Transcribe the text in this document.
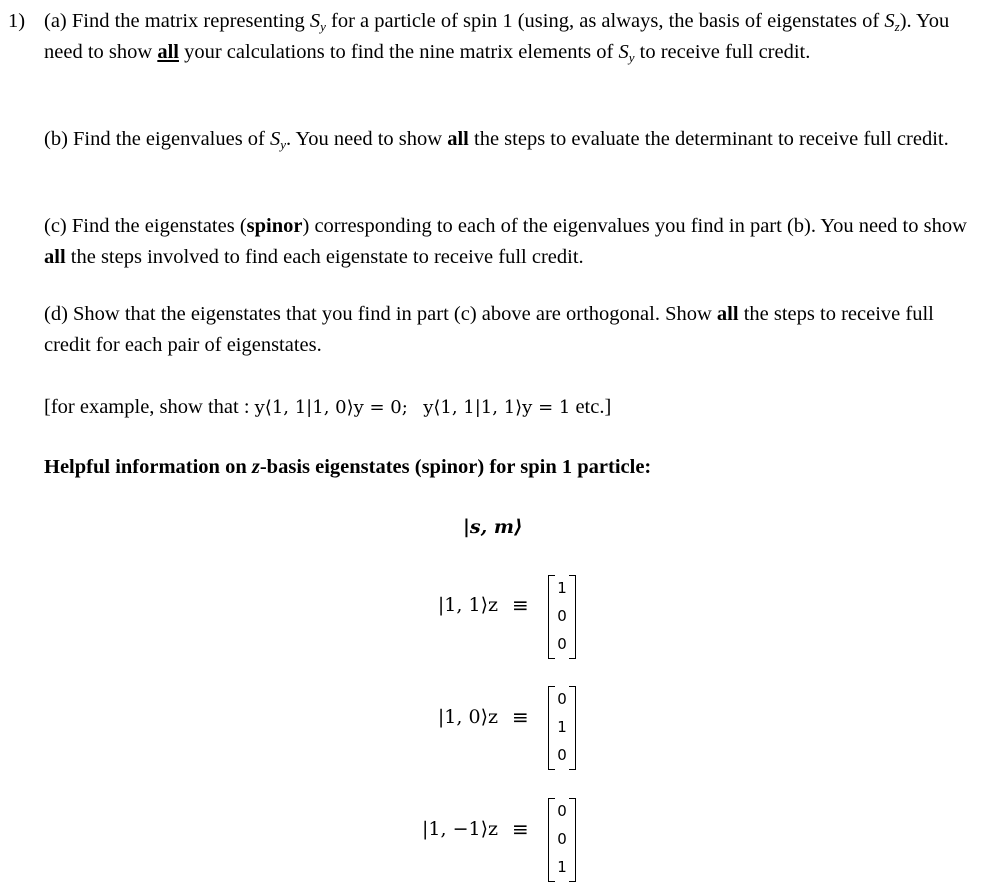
1) (a) Find the matrix representing $S_y$ for a particle of spin 1 (using, as always, the basis of eigenstates of $S_z$). You need to show all your calculations to find the nine matrix elements of $S_y$ to receive full credit.
(b) Find the eigenvalues of $S_y$. You need to show all the steps to evaluate the determinant to receive full credit.
(c) Find the eigenstates (spinor) corresponding to each of the eigenvalues you find in part (b). You need to show all the steps involved to find each eigenstate to receive full credit.
(d) Show that the eigenstates that you find in part (c) above are orthogonal. Show all the steps to receive full credit for each pair of eigenstates.
[for example, show that : y⟨1, 1|1, 0⟩y = 0; y⟨1, 1|1, 1⟩y = 1 etc.]
Helpful information on z-basis eigenstates (spinor) for spin 1 particle:
|s, m⟩
|1, 1⟩z ≡
1
0
0
|1, 0⟩z ≡
0
1
0
|1, −1⟩z ≡
0
0
1
